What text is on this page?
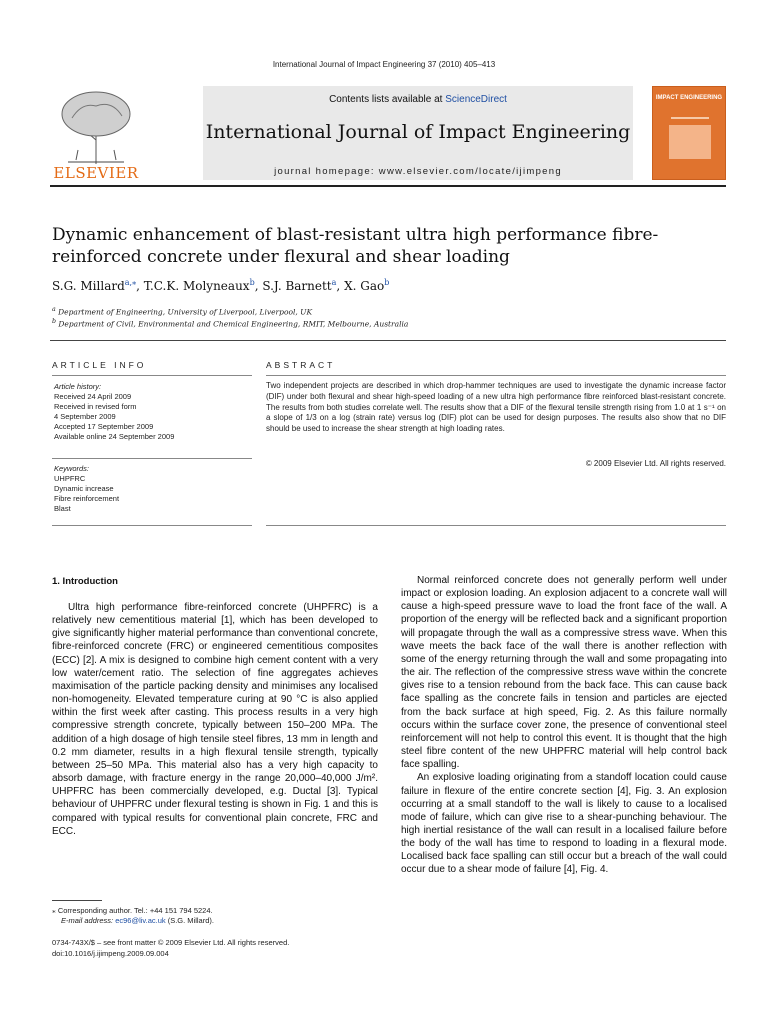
International Journal of Impact Engineering 37 (2010) 405–413
ELSEVIER
Contents lists available at ScienceDirect
International Journal of Impact Engineering
journal homepage: www.elsevier.com/locate/ijimpeng
IMPACT ENGINEERING
Dynamic enhancement of blast-resistant ultra high performance fibre-reinforced concrete under flexural and shear loading
S.G. Millard$^{a,⁎}$, T.C.K. Molyneaux$^b$, S.J. Barnett$^a$, X. Gao$^b$
$^a$ Department of Engineering, University of Liverpool, Liverpool, UK
$^b$ Department of Civil, Environmental and Chemical Engineering, RMIT, Melbourne, Australia
ARTICLE INFO	ABSTRACT
Article history:
Received 24 April 2009
Received in revised form
4 September 2009
Accepted 17 September 2009
Available online 24 September 2009
Keywords:
UHPFRC
Dynamic increase
Fibre reinforcement
Blast
Two independent projects are described in which drop-hammer techniques are used to investigate the dynamic increase factor (DIF) under both flexural and shear high-speed loading of a new ultra high performance fibre reinforced blast-resistant concrete. The results from both studies correlate well. The results show that a DIF of the flexural tensile strength rising from 1.0 at 1 s⁻¹ on a slope of 1/3 on a log (strain rate) versus log (DIF) plot can be used for design purposes. The results also show that no DIF should be used to increase the shear strength at high loading rates.
© 2009 Elsevier Ltd. All rights reserved.
1. Introduction

Ultra high performance fibre-reinforced concrete (UHPFRC) is a relatively new cementitious material [1], which has been developed to give significantly higher material performance than conventional concrete, fibre-reinforced concrete (FRC) or engineered cementitious composites (ECC) [2]. A mix is designed to combine high cement content with a very low water/cement ratio. The selection of fine aggregates achieves maximisation of the particle packing density and minimises any localised non-homogeneity. Elevated temperature curing at 90 °C is also applied within the first week after casting. This process results in a very high compressive strength concrete, typically between 150–200 MPa. The addition of a high dosage of high tensile steel fibres, 13 mm in length and 0.2 mm diameter, results in a high flexural tensile strength, typically between 25–50 MPa. This material also has a very high capacity to absorb damage, with fracture energy in the range 20,000–40,000 J/m². UHPFRC has been commercially developed, e.g. Ductal [3]. Typical behaviour of UHPFRC under flexural testing is shown in Fig. 1 and this is compared with typical results for conventional plain concrete, FRC and ECC.

Normal reinforced concrete does not generally perform well under impact or explosion loading. An explosion adjacent to a concrete wall will cause a high-speed pressure wave to load the front face of the wall. A proportion of the energy will be reflected back and a significant proportion will propagate through the wall as a compressive stress wave. When this wave meets the back face of the wall there is another reflection with some of the energy returning through the wall and some propagating into the air. The reflection of the compressive stress wave within the concrete gives rise to a tension rebound from the back face. This can cause back face spalling as the concrete fails in tension and particles are ejected from the back surface at high speed, Fig. 2. As this failure normally occurs within the surface cover zone, the presence of conventional steel reinforcement will not help to control this event. It is thought that the high steel fibre content of the new UHPFRC material will help control back face spalling.

An explosive loading originating from a standoff location could cause failure in flexure of the entire concrete section [4], Fig. 3. An explosion occurring at a small standoff to the wall is likely to cause to a localised mode of failure, which can give rise to a shear-punching behaviour. The high inertial resistance of the wall can result in a localised failure before the body of the wall has time to respond to loading in a flexural mode. Localised back face spalling can still occur but a breach of the wall could occur due to a shear mode of failure [4], Fig. 4.

⁎ Corresponding author. Tel.: +44 151 794 5224.
E-mail address: ec96@liv.ac.uk (S.G. Millard).
0734-743X/$ – see front matter © 2009 Elsevier Ltd. All rights reserved.
doi:10.1016/j.ijimpeng.2009.09.004
